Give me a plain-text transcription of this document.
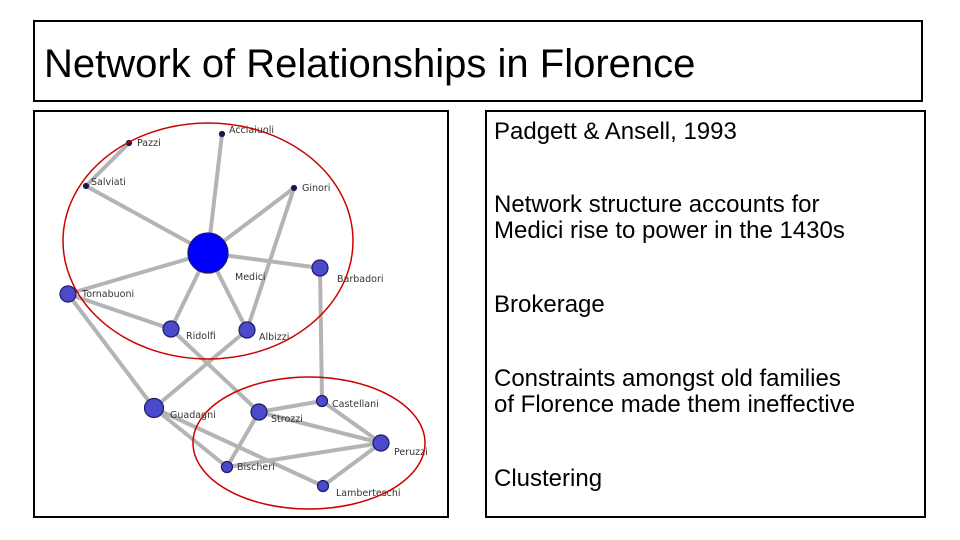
Network of Relationships in Florence
Pazzi
Acciaiuoli
Salviati
Ginori
Medici	Barbadori
Tornabuoni
Ridolfi	Albizzi
Guadagni	Strozzi
Castellani
Peruzzi
Bischeri
Lamberteschi

Padgett & Ansell, 1993

Network structure accounts for
Medici rise to power in the 1430s

Brokerage

Constraints amongst old families
of Florence made them ineffective

Clustering
